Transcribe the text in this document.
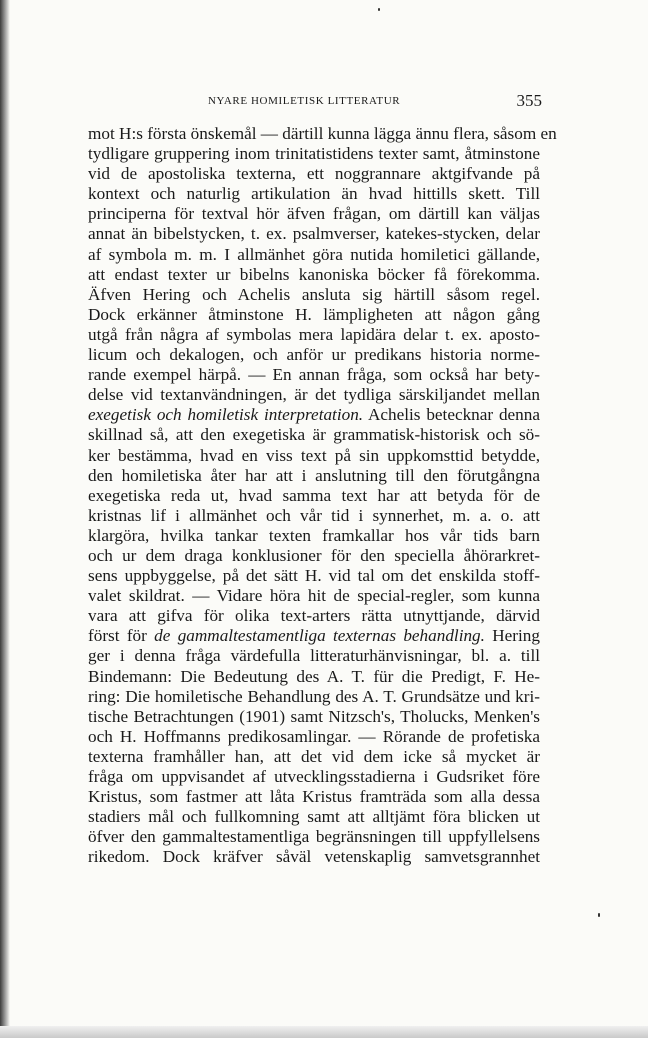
NYARE HOMILETISK LITTERATUR	355
mot H:s första önskemål — därtill kunna lägga ännu flera, såsom en
tydligare gruppering inom trinitatistidens texter samt, åtminstone
vid de apostoliska texterna, ett noggrannare aktgifvande på
kontext och naturlig artikulation än hvad hittills skett. Till
principerna för textval hör äfven frågan, om därtill kan väljas
annat än bibelstycken, t. ex. psalmverser, katekes-stycken, delar
af symbola m. m. I allmänhet göra nutida homiletici gällande,
att endast texter ur bibelns kanoniska böcker få förekomma.
Äfven Hering och Achelis ansluta sig härtill såsom regel.
Dock erkänner åtminstone H. lämpligheten att någon gång
utgå från några af symbolas mera lapidära delar t. ex. aposto-
licum och dekalogen, och anför ur predikans historia norme-
rande exempel härpå. — En annan fråga, som också har bety-
delse vid textanvändningen, är det tydliga särskiljandet mellan
exegetisk och homiletisk interpretation. Achelis betecknar denna
skillnad så, att den exegetiska är grammatisk-historisk och sö-
ker bestämma, hvad en viss text på sin uppkomsttid betydde,
den homiletiska åter har att i anslutning till den förutgångna
exegetiska reda ut, hvad samma text har att betyda för de
kristnas lif i allmänhet och vår tid i synnerhet, m. a. o. att
klargöra, hvilka tankar texten framkallar hos vår tids barn
och ur dem draga konklusioner för den speciella åhörarkret-
sens uppbyggelse, på det sätt H. vid tal om det enskilda stoff-
valet skildrat. — Vidare höra hit de special-regler, som kunna
vara att gifva för olika text-arters rätta utnyttjande, därvid
först för de gammaltestamentliga texternas behandling. Hering
ger i denna fråga värdefulla litteraturhänvisningar, bl. a. till
Bindemann: Die Bedeutung des A. T. für die Predigt, F. He-
ring: Die homiletische Behandlung des A. T. Grundsätze und kri-
tische Betrachtungen (1901) samt Nitzsch's, Tholucks, Menken's
och H. Hoffmanns predikosamlingar. — Rörande de profetiska
texterna framhåller han, att det vid dem icke så mycket är
fråga om uppvisandet af utvecklingsstadierna i Gudsriket före
Kristus, som fastmer att låta Kristus framträda som alla dessa
stadiers mål och fullkomning samt att alltjämt föra blicken ut
öfver den gammaltestamentliga begränsningen till uppfyllelsens
rikedom. Dock kräfver såväl vetenskaplig samvetsgrannhet
